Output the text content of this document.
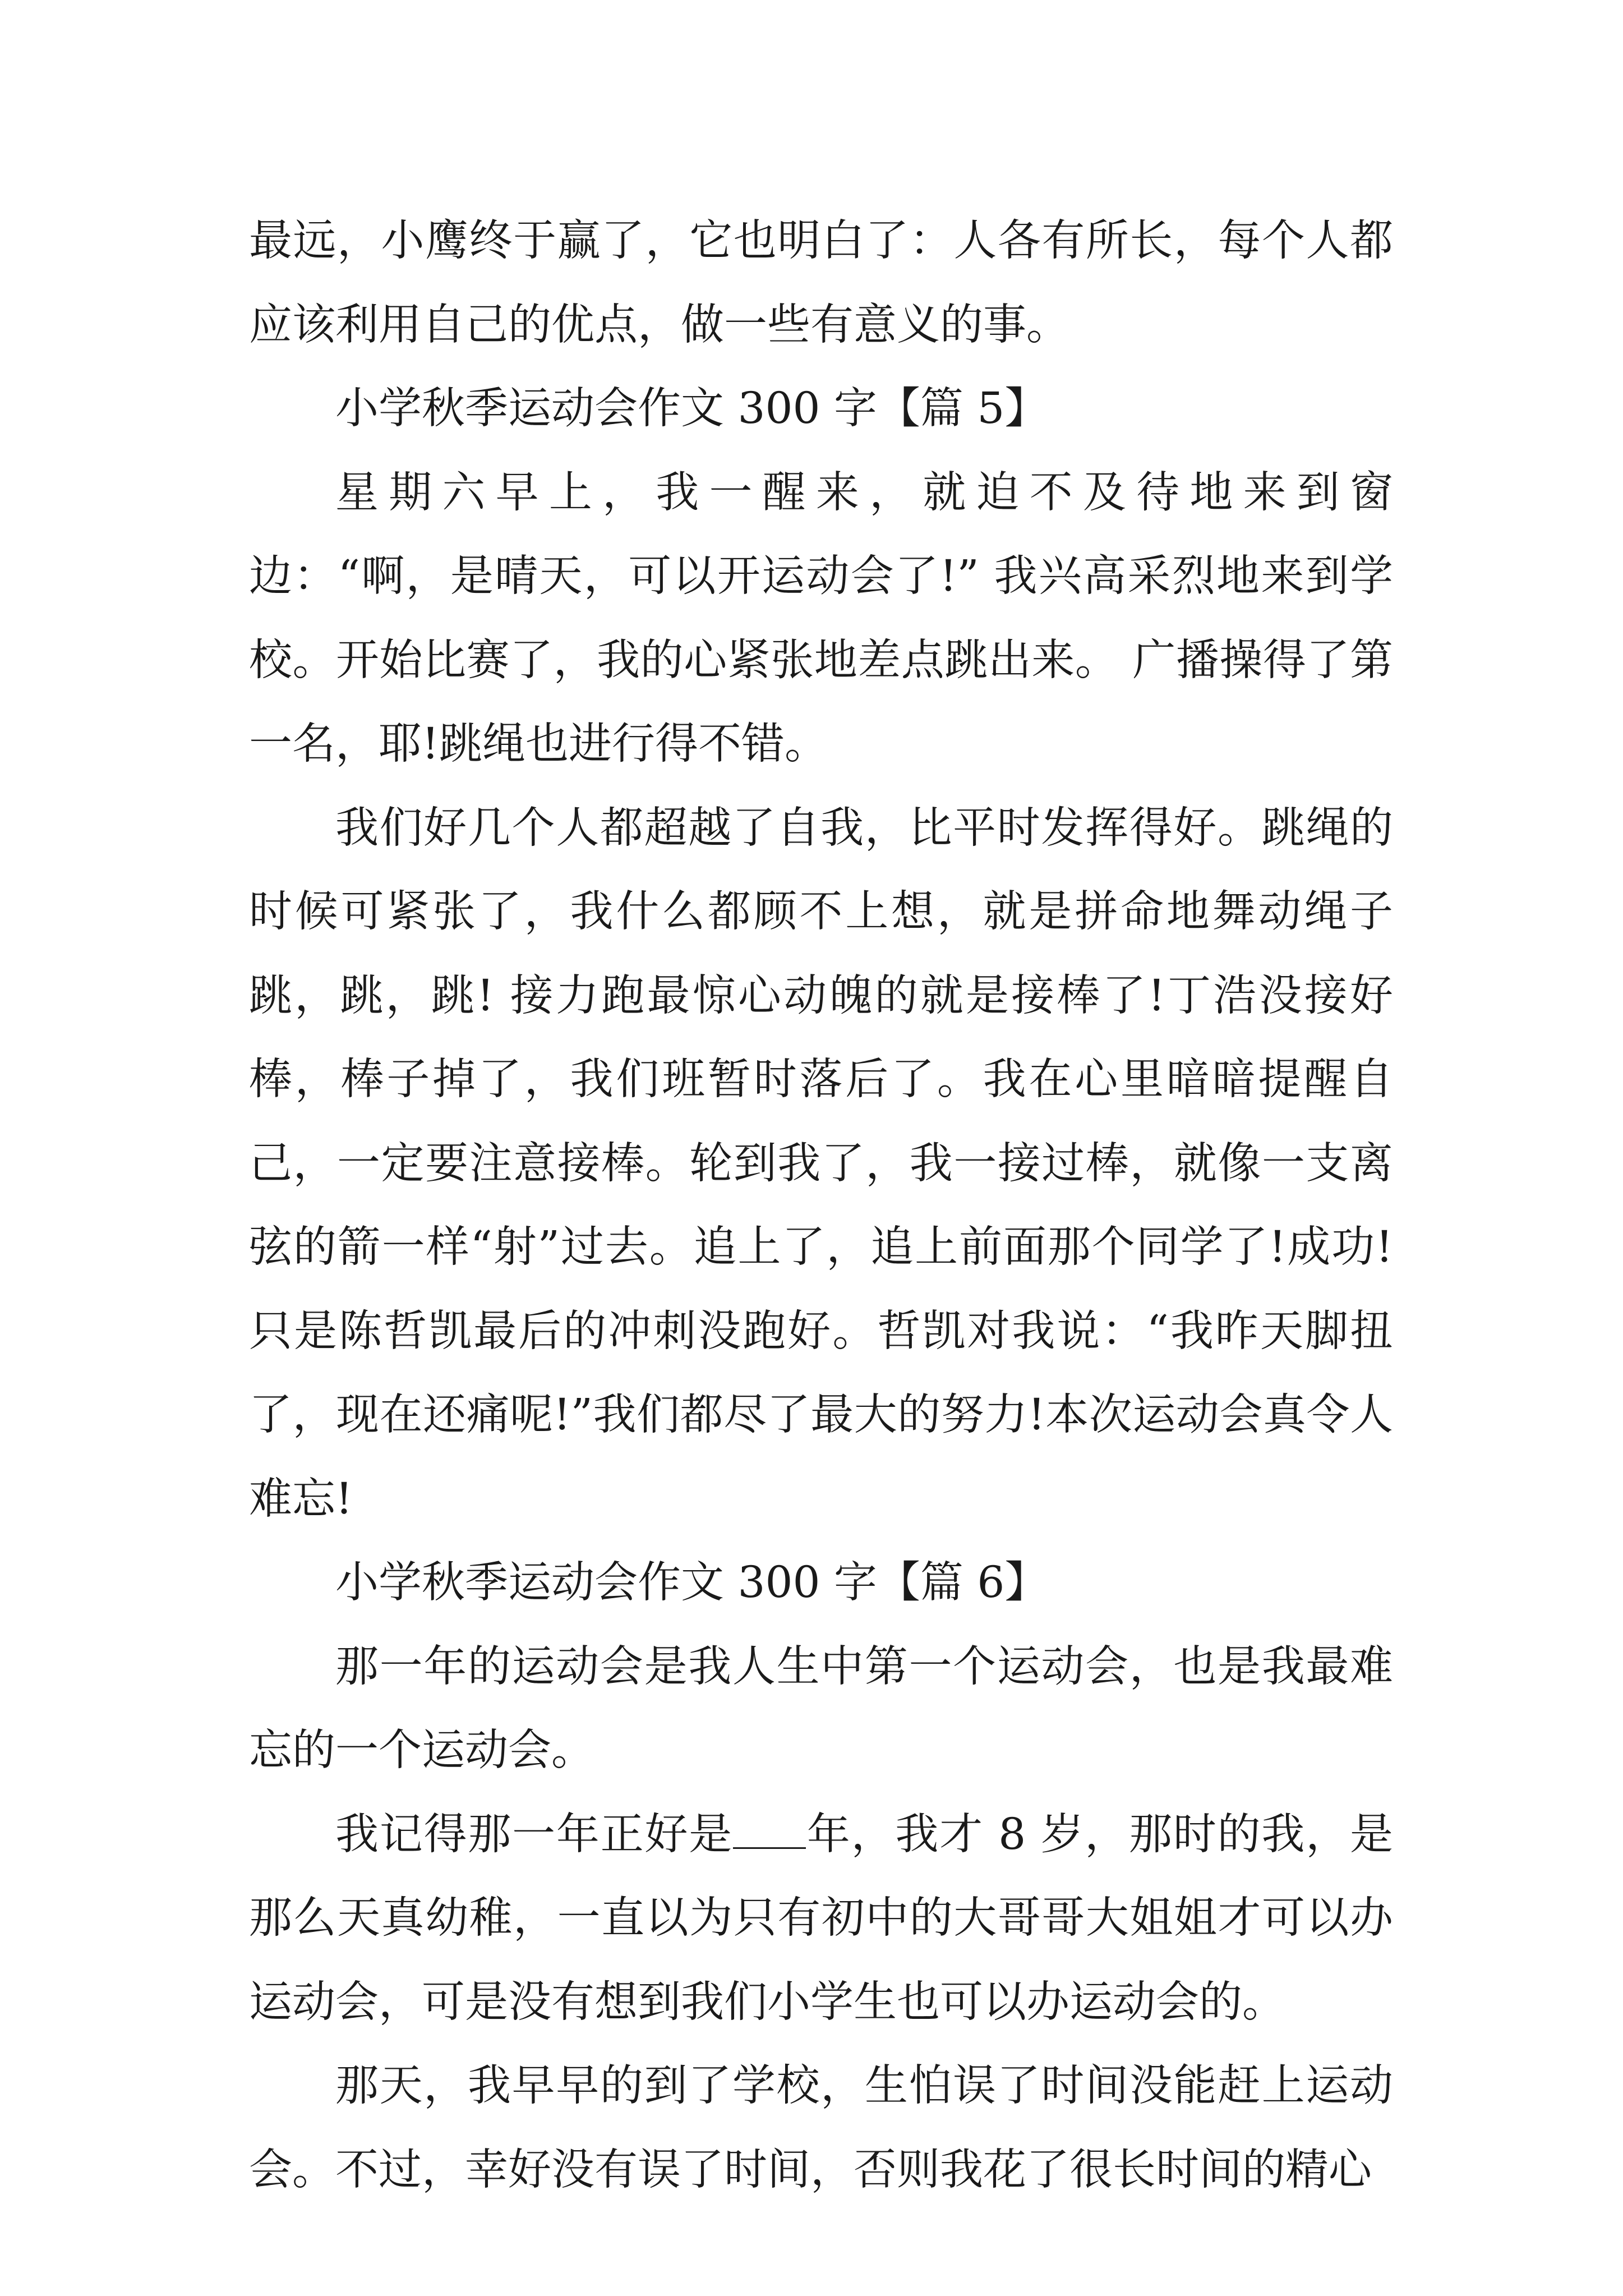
最远，小鹰终于赢了，它也明白了：人各有所长，每个人都应该利用自己的优点，做一些有意义的事。

小学秋季运动会作文 300 字【篇 5】

星期六早上，我一醒来，就迫不及待地来到窗边：“啊，是晴天，可以开运动会了!” 我兴高采烈地来到学校。开始比赛了，我的心紧张地差点跳出来。 广播操得了第一名，耶!跳绳也进行得不错。

我们好几个人都超越了自我，比平时发挥得好。跳绳的时候可紧张了，我什么都顾不上想，就是拼命地舞动绳子跳，跳，跳! 接力跑最惊心动魄的就是接棒了!丁浩没接好棒，棒子掉了，我们班暂时落后了。我在心里暗暗提醒自己，一定要注意接棒。轮到我了，我一接过棒，就像一支离弦的箭一样“射”过去。追上了，追上前面那个同学了!成功! 只是陈哲凯最后的冲刺没跑好。哲凯对我说：“我昨天脚扭了，现在还痛呢!”我们都尽了最大的努力!本次运动会真令人难忘!

小学秋季运动会作文 300 字【篇 6】

那一年的运动会是我人生中第一个运动会，也是我最难忘的一个运动会。

我记得那一年正好是 年，我才 8 岁，那时的我，是那么天真幼稚，一直以为只有初中的大哥哥大姐姐才可以办运动会，可是没有想到我们小学生也可以办运动会的。

那天，我早早的到了学校，生怕误了时间没能赶上运动会。不过，幸好没有误了时间，否则我花了很长时间的精心
